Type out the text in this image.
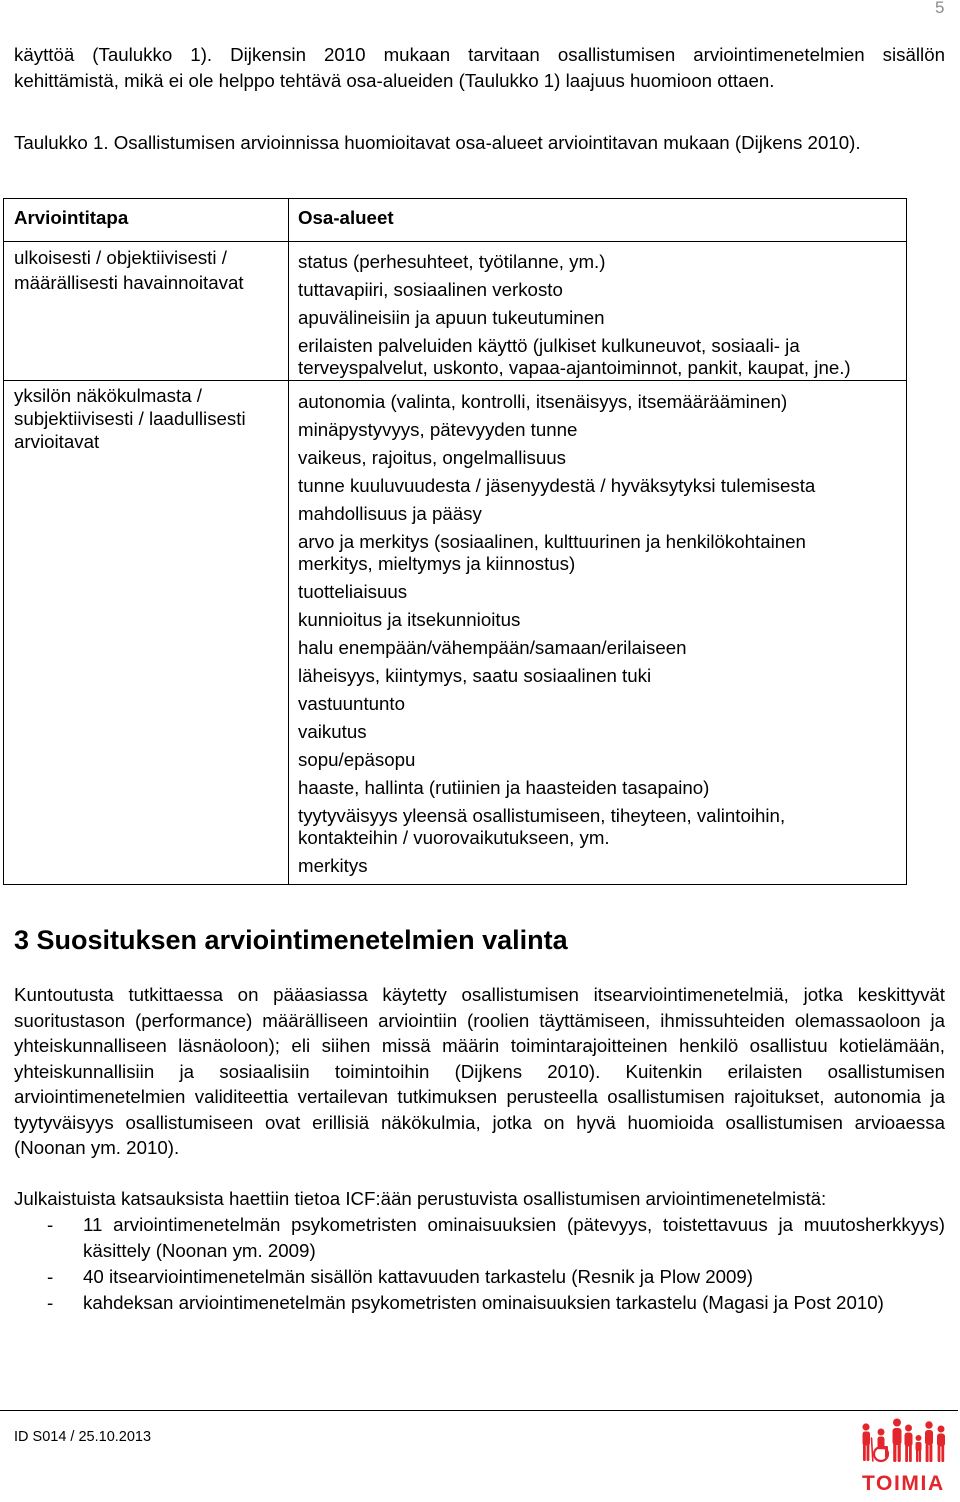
5
käyttöä (Taulukko 1). Dijkensin 2010 mukaan tarvitaan osallistumisen arviointimenetelmien sisällön
kehittämistä, mikä ei ole helppo tehtävä osa-alueiden (Taulukko 1) laajuus huomioon ottaen.
Taulukko 1. Osallistumisen arvioinnissa huomioitavat osa-alueet arviointitavan mukaan (Dijkens 2010).
Arviointitapa	Osa-alueet
ulkoisesti / objektiivisesti /
määrällisesti havainnoitavat
status (perhesuhteet, työtilanne, ym.)
tuttavapiiri, sosiaalinen verkosto
apuvälineisiin ja apuun tukeutuminen
erilaisten palveluiden käyttö (julkiset kulkuneuvot, sosiaali- ja
terveyspalvelut, uskonto, vapaa-ajantoiminnot, pankit, kaupat, jne.)
yksilön näkökulmasta /
subjektiivisesti / laadullisesti
arvioitavat
autonomia (valinta, kontrolli, itsenäisyys, itsemäärääminen)
minäpystyvyys, pätevyyden tunne
vaikeus, rajoitus, ongelmallisuus
tunne kuuluvuudesta / jäsenyydestä / hyväksytyksi tulemisesta
mahdollisuus ja pääsy
arvo ja merkitys (sosiaalinen, kulttuurinen ja henkilökohtainen
merkitys, mieltymys ja kiinnostus)
tuotteliaisuus
kunnioitus ja itsekunnioitus
halu enempään/vähempään/samaan/erilaiseen
läheisyys, kiintymys, saatu sosiaalinen tuki
vastuuntunto
vaikutus
sopu/epäsopu
haaste, hallinta (rutiinien ja haasteiden tasapaino)
tyytyväisyys yleensä osallistumiseen, tiheyteen, valintoihin,
kontakteihin / vuorovaikutukseen, ym.
merkitys
3 Suosituksen arviointimenetelmien valinta
Kuntoutusta tutkittaessa on pääasiassa käytetty osallistumisen itsearviointimenetelmiä, jotka keskittyvät
suoritustason (performance) määrälliseen arviointiin (roolien täyttämiseen, ihmissuhteiden olemassaoloon ja
yhteiskunnalliseen läsnäoloon); eli siihen missä määrin toimintarajoitteinen henkilö osallistuu kotielämään,
yhteiskunnallisiin ja sosiaalisiin toimintoihin (Dijkens 2010). Kuitenkin erilaisten osallistumisen
arviointimenetelmien validiteettia vertailevan tutkimuksen perusteella osallistumisen rajoitukset, autonomia ja
tyytyväisyys osallistumiseen ovat erillisiä näkökulmia, jotka on hyvä huomioida osallistumisen arvioaessa
(Noonan ym. 2010).
Julkaistuista katsauksista haettiin tietoa ICF:ään perustuvista osallistumisen arviointimenetelmistä:
- 11 arviointimenetelmän psykometristen ominaisuuksien (pätevyys, toistettavuus ja muutosherkkyys)
käsittely (Noonan ym. 2009)
- 40 itsearviointimenetelmän sisällön kattavuuden tarkastelu (Resnik ja Plow 2009)
- kahdeksan arviointimenetelmän psykometristen ominaisuuksien tarkastelu (Magasi ja Post 2010)
ID S014 / 25.10.2013
TOIMIA
